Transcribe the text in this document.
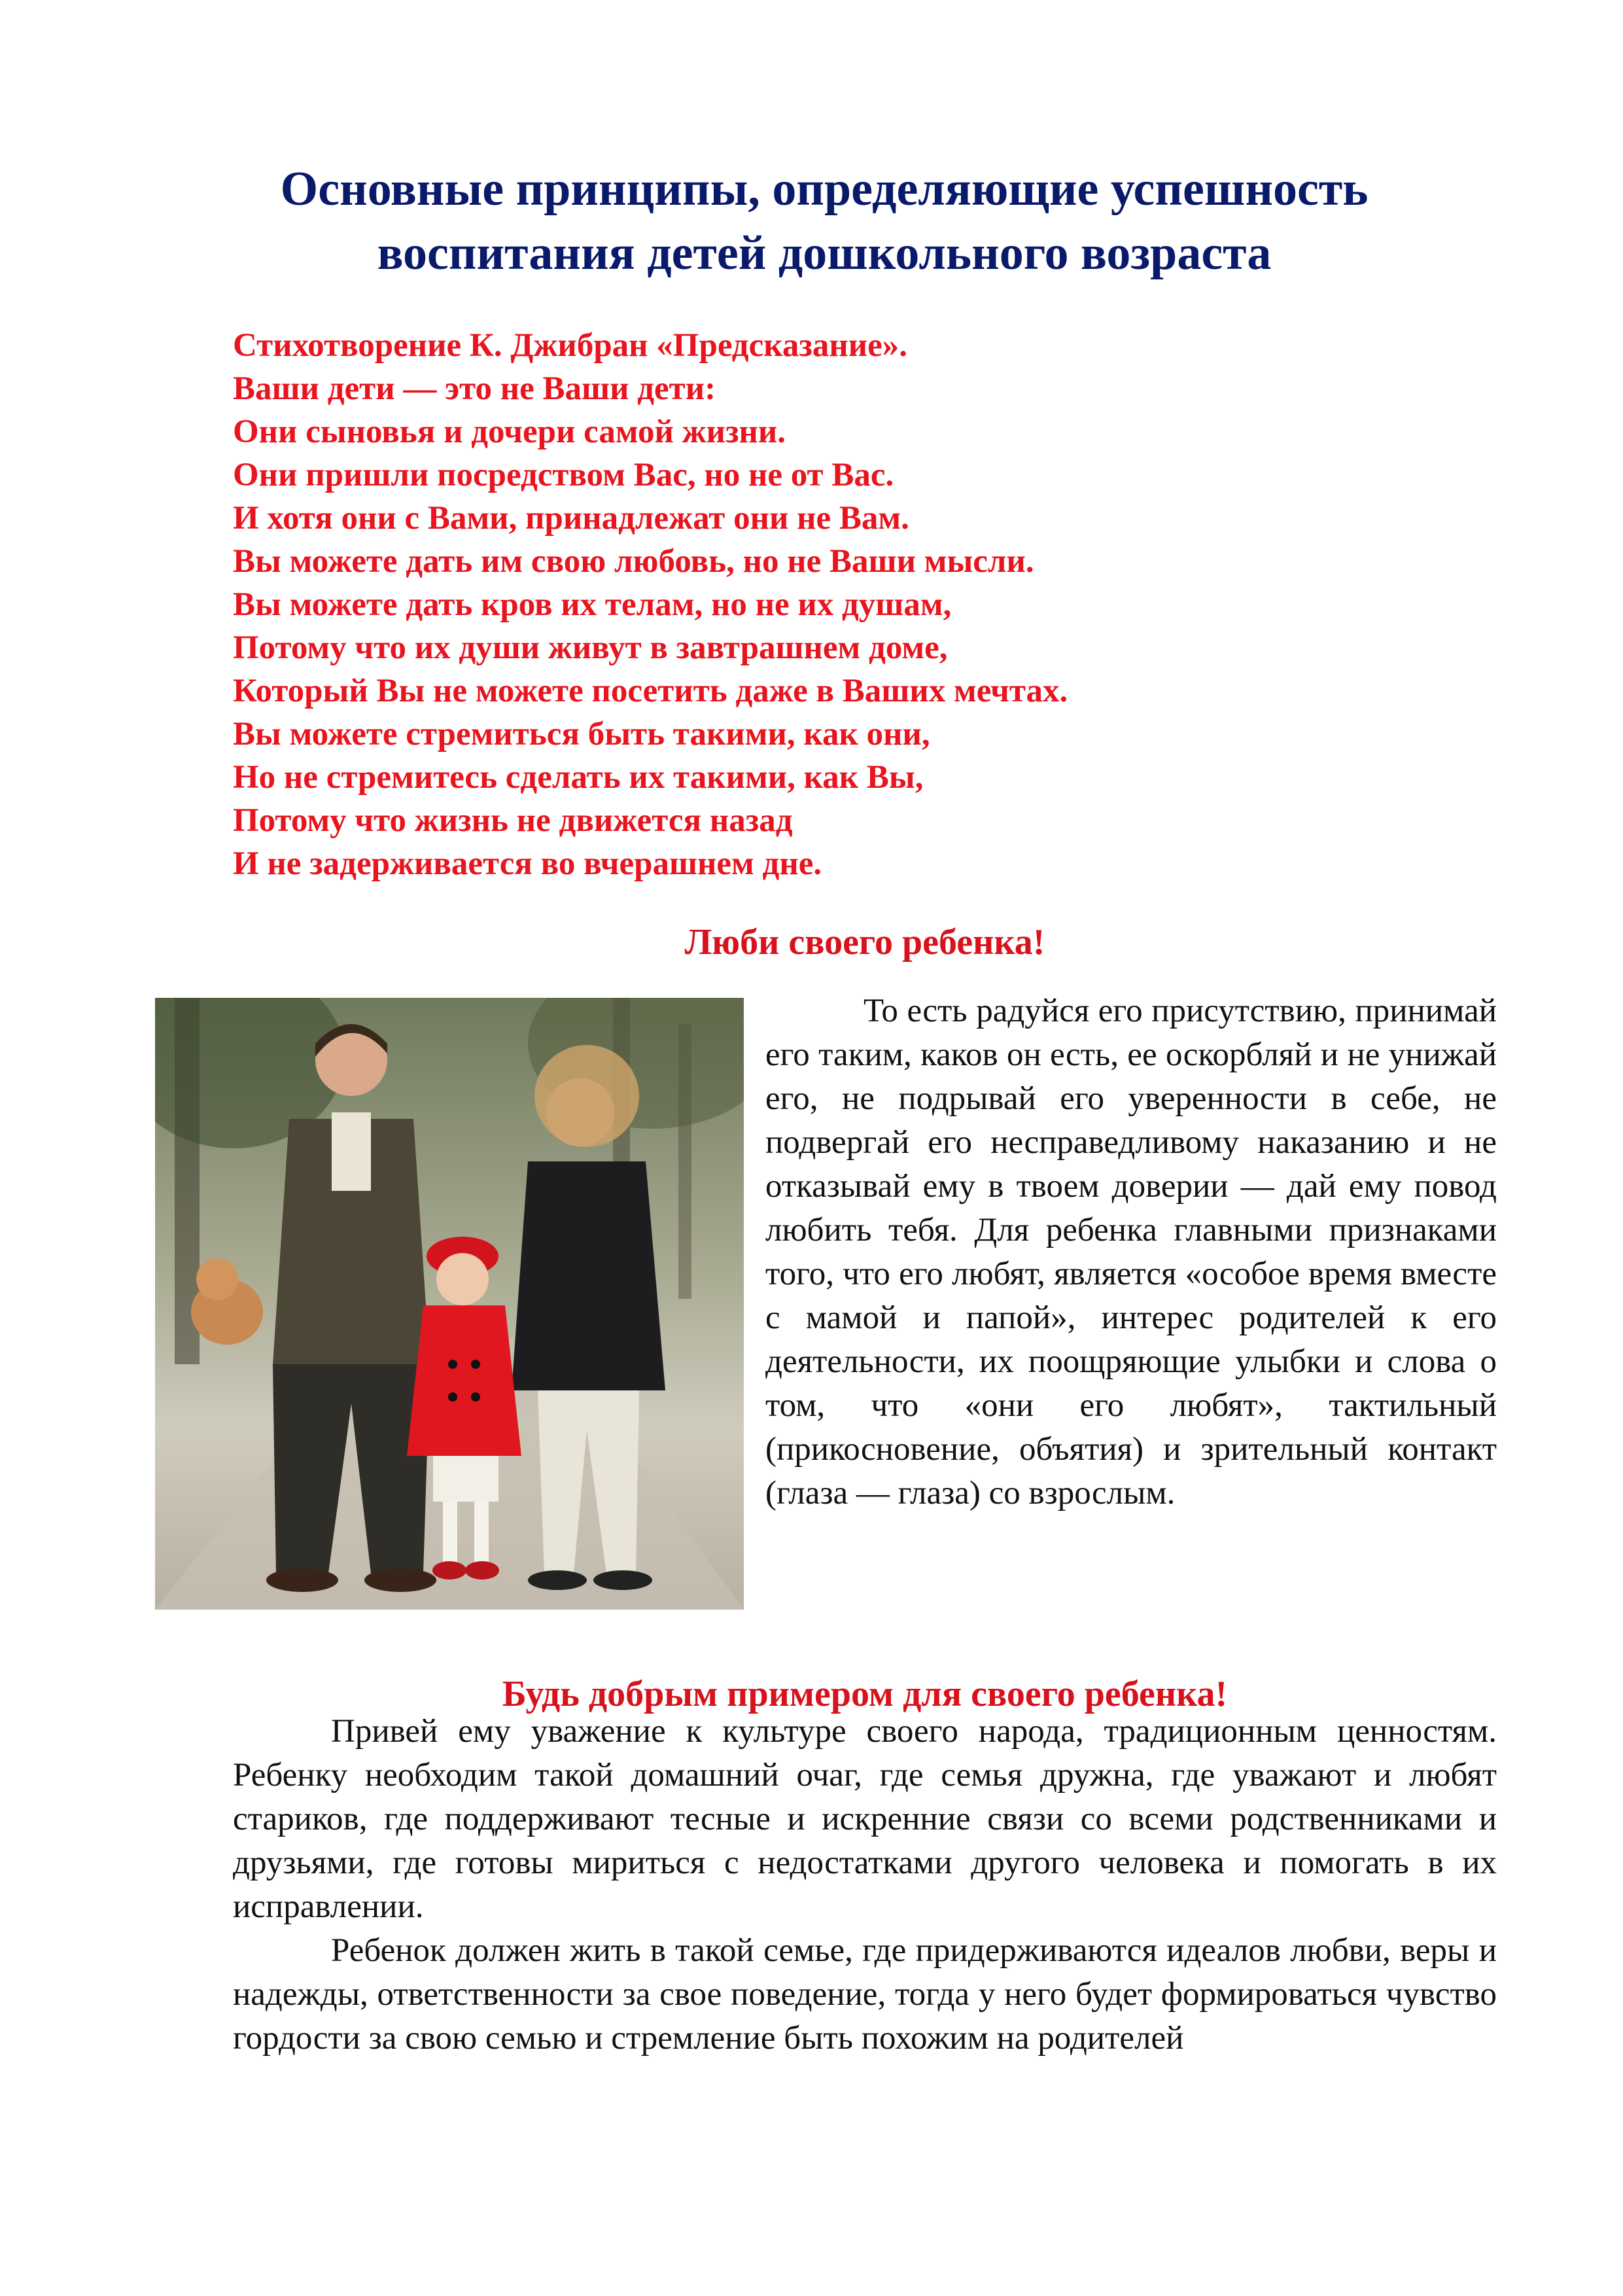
Основные принципы, определяющие успешность
воспитания детей дошкольного возраста
Стихотворение К. Джибран «Предсказание».
Ваши дети — это не Ваши дети:
Они сыновья и дочери самой жизни.
Они пришли посредством Вас, но не от Вас.
И хотя они с Вами, принадлежат они не Вам.
Вы можете дать им свою любовь, но не Ваши мысли.
Вы можете дать кров их телам, но не их душам,
Потому что их души живут в завтрашнем доме,
Который Вы не можете посетить даже в Ваших мечтах.
Вы можете стремиться быть такими, как они,
Но не стремитесь сделать их такими, как Вы,
Потому что жизнь не движется назад
И не задерживается во вчерашнем дне.
Люби своего ребенка!

То есть радуйся его присутствию, принимай его таким, каков он есть, ее оскорбляй и не унижай его, не подрывай его уверенности в себе, не подвергай его несправедливому наказанию и не отказывай ему в твоем доверии — дай ему повод любить тебя. Для ребенка главными признаками того, что его любят, является «особое время вместе с мамой и папой», интерес родителей к его деятельности, их поощряющие улыбки и слова о том, что «они его любят», тактильный (прикосновение, объятия) и зрительный контакт (глаза — глаза) со взрослым.

Будь добрым примером для своего ребенка!

Привей ему уважение к культуре своего народа, традиционным ценностям. Ребенку необходим такой домашний очаг, где семья дружна, где уважают и любят стариков, где поддерживают тесные и искренние связи со всеми родственниками и друзьями, где готовы мириться с недостатками другого человека и помогать в их исправлении.

Ребенок должен жить в такой семье, где придерживаются идеалов любви, веры и надежды, ответственности за свое поведение, тогда у него будет формироваться чувство гордости за свою семью и стремление быть похожим на родителей
